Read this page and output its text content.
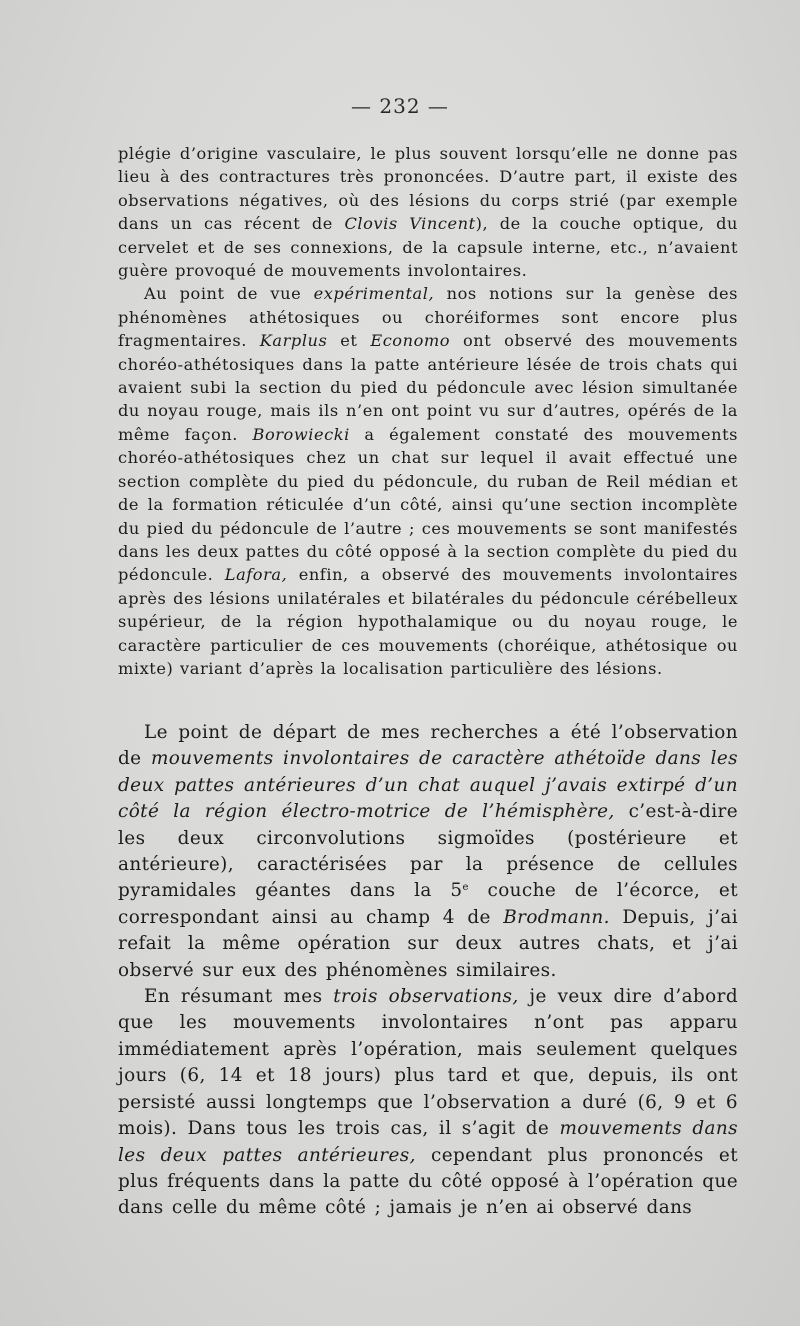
— 232 —

plégie d’origine vasculaire, le plus souvent lorsqu’elle ne donne pas lieu à des contractures très prononcées. D’autre part, il existe des observations négatives, où des lésions du corps strié (par exemple dans un cas récent de Clovis Vincent), de la couche optique, du cervelet et de ses connexions, de la capsule interne, etc., n’avaient guère provoqué de mouvements involontaires.

Au point de vue expérimental, nos notions sur la genèse des phénomènes athétosiques ou choréiformes sont encore plus fragmentaires. Karplus et Economo ont observé des mouvements choréo-athétosiques dans la patte antérieure lésée de trois chats qui avaient subi la section du pied du pédoncule avec lésion simultanée du noyau rouge, mais ils n’en ont point vu sur d’autres, opérés de la même façon. Borowiecki a également constaté des mouvements choréo-athétosiques chez un chat sur lequel il avait effectué une section complète du pied du pédoncule, du ruban de Reil médian et de la formation réticulée d’un côté, ainsi qu’une section incomplète du pied du pédoncule de l’autre ; ces mouvements se sont manifestés dans les deux pattes du côté opposé à la section complète du pied du pédoncule. Lafora, enfin, a observé des mouvements involontaires après des lésions unilatérales et bilatérales du pédoncule cérébelleux supérieur, de la région hypothalamique ou du noyau rouge, le caractère particulier de ces mouvements (choréique, athétosique ou mixte) variant d’après la localisation particulière des lésions.

Le point de départ de mes recherches a été l’observation de mouvements involontaires de caractère athétoïde dans les deux pattes antérieures d’un chat auquel j’avais extirpé d’un côté la région électro-motrice de l’hémisphère, c’est-à-dire les deux circonvolutions sigmoïdes (postérieure et antérieure), caractérisées par la présence de cellules pyramidales géantes dans la 5e couche de l’écorce, et correspondant ainsi au champ 4 de Brodmann. Depuis, j’ai refait la même opération sur deux autres chats, et j’ai observé sur eux des phénomènes similaires.

En résumant mes trois observations, je veux dire d’abord que les mouvements involontaires n’ont pas apparu immédiatement après l’opération, mais seulement quelques jours (6, 14 et 18 jours) plus tard et que, depuis, ils ont persisté aussi longtemps que l’observation a duré (6, 9 et 6 mois). Dans tous les trois cas, il s’agit de mouvements dans les deux pattes antérieures, cependant plus prononcés et plus fréquents dans la patte du côté opposé à l’opération que dans celle du même côté ; jamais je n’en ai observé dans
